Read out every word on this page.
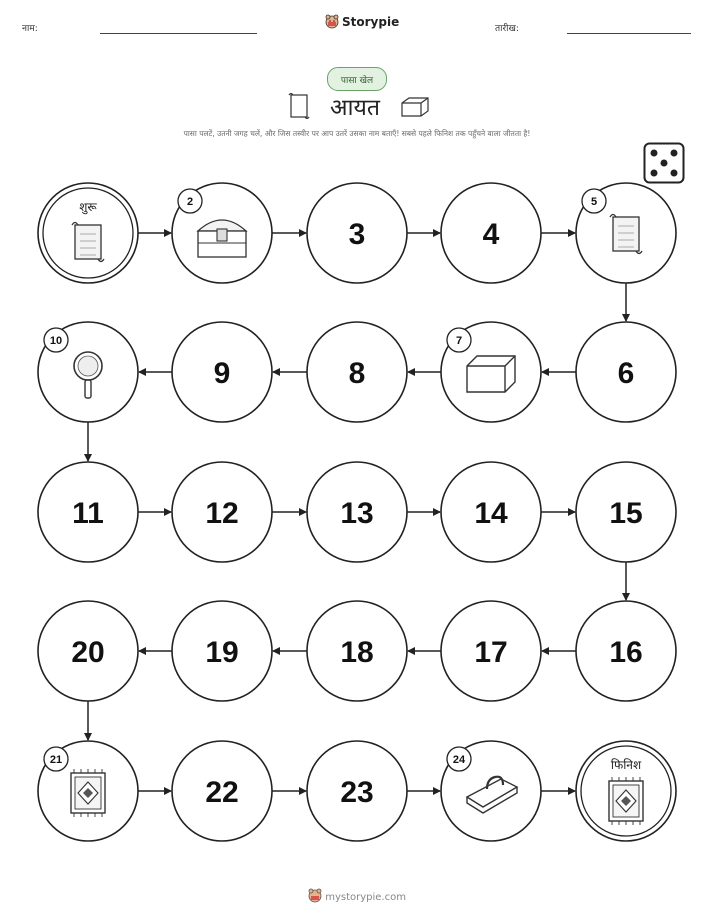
नाम:
Storypie
तारीख:
पासा खेल
आयत
पासा पलटें, उतनी जगह चलें, और जिस तस्वीर पर आप उतरें उसका नाम बताएँ! सबसे पहले फिनिश तक पहुँचने वाला जीतता है!
शुरू	2
3	4
5
6
7
8
9
10
11	12	13	14	15
16
17
18
19
20
21
22	23
24	फिनिश
mystorypie.com
